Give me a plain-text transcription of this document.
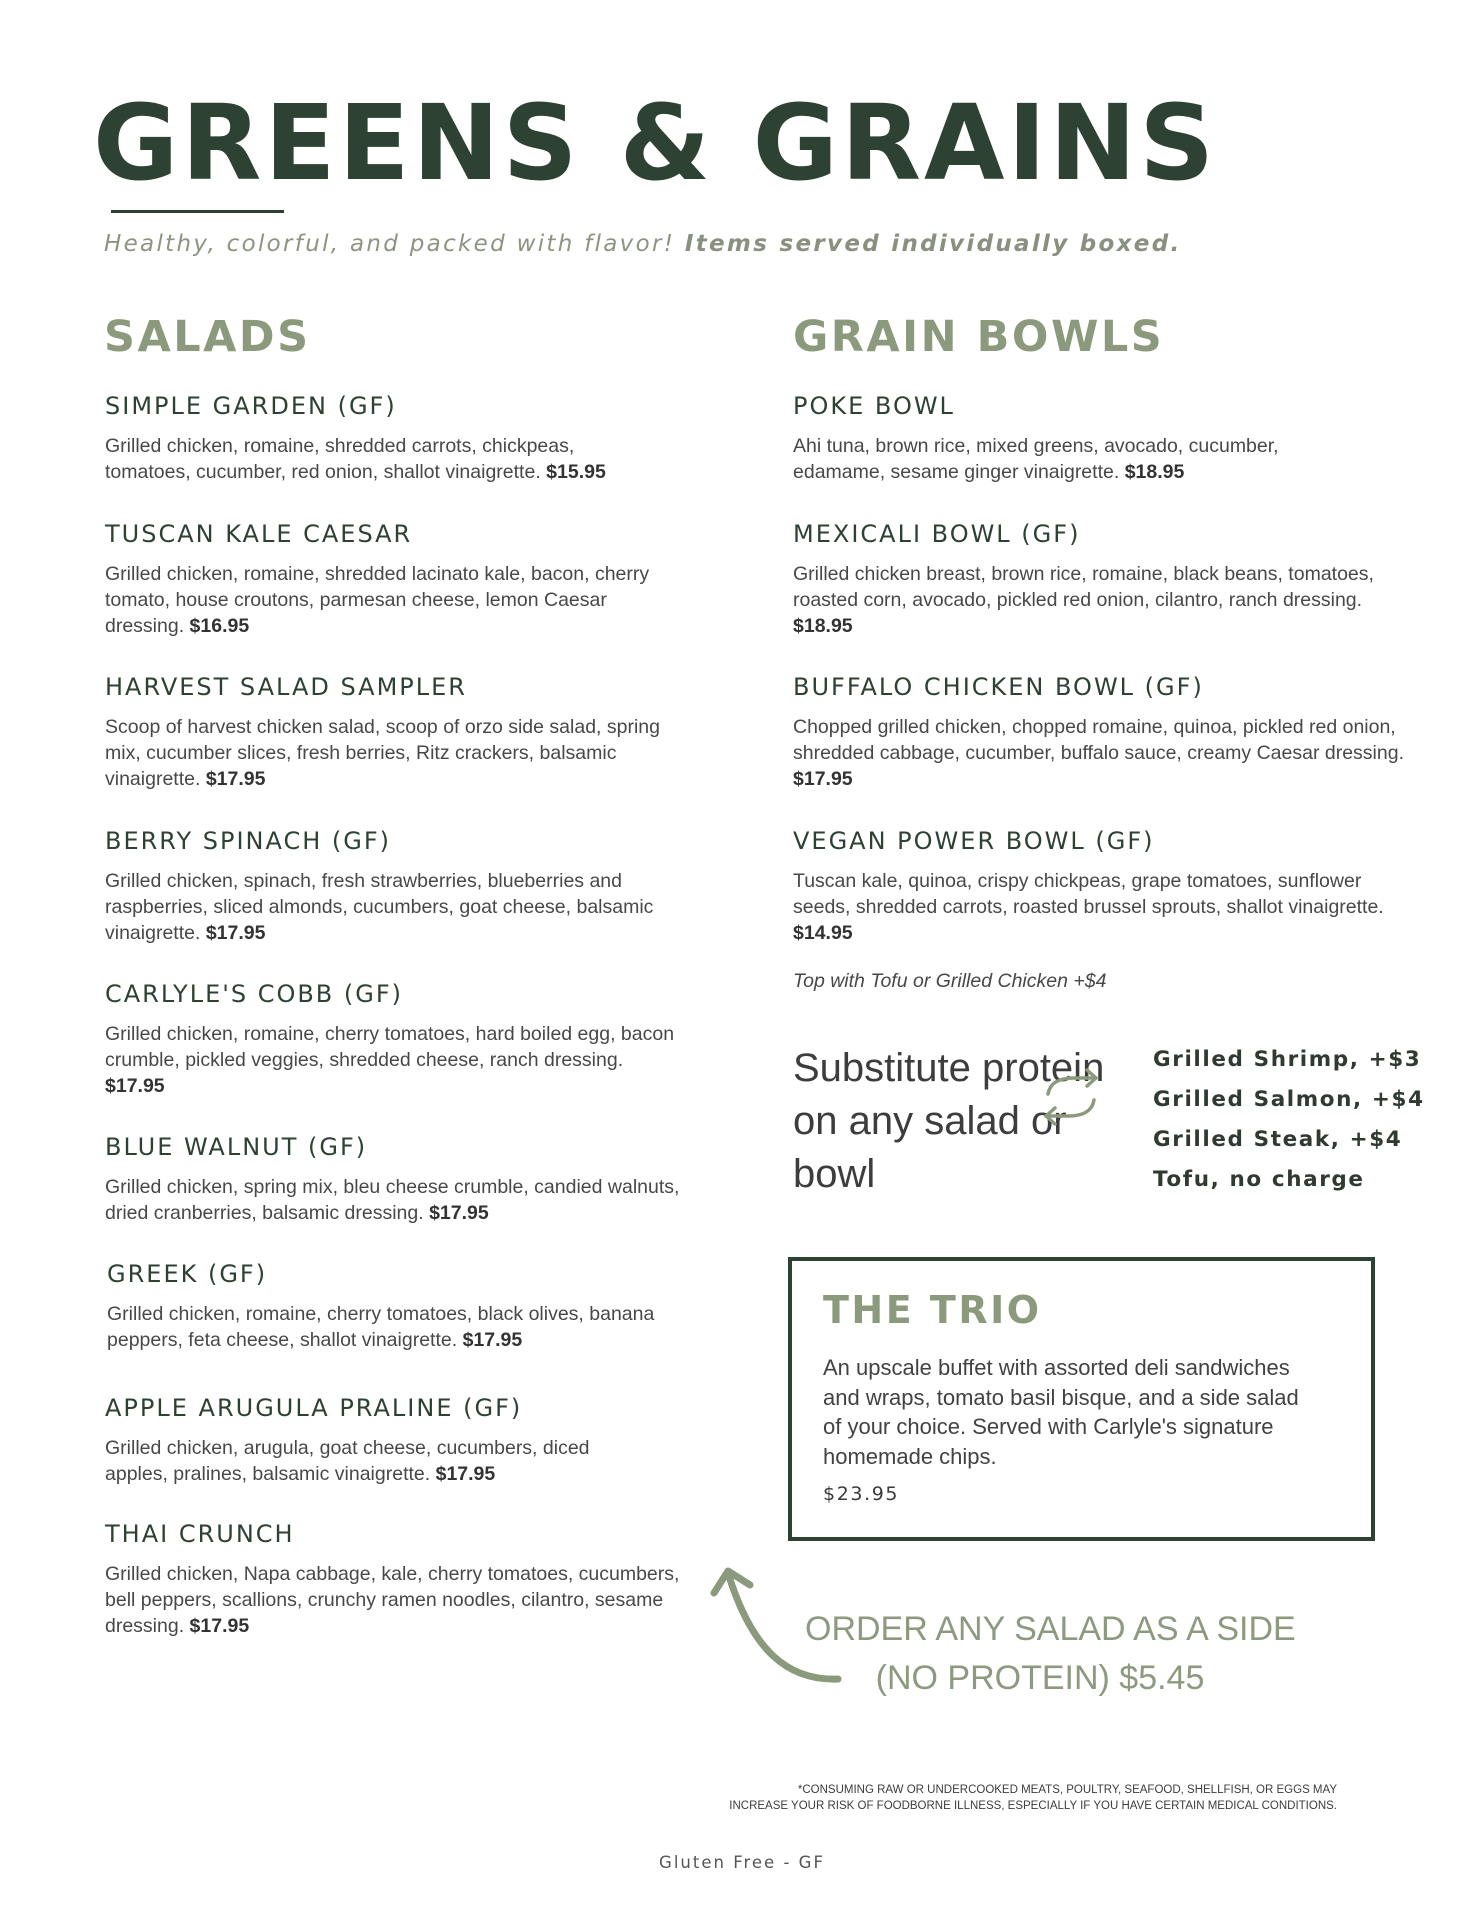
GREENS & GRAINS

Healthy, colorful, and packed with flavor! Items served individually boxed.

SALADS	GRAIN BOWLS
SIMPLE GARDEN (GF)

Grilled chicken, romaine, shredded carrots, chickpeas, tomatoes, cucumber, red onion, shallot vinaigrette. $15.95

TUSCAN KALE CAESAR

Grilled chicken, romaine, shredded lacinato kale, bacon, cherry tomato, house croutons, parmesan cheese, lemon Caesar dressing. $16.95

HARVEST SALAD SAMPLER

Scoop of harvest chicken salad, scoop of orzo side salad, spring mix, cucumber slices, fresh berries, Ritz crackers, balsamic vinaigrette. $17.95

BERRY SPINACH (GF)

Grilled chicken, spinach, fresh strawberries, blueberries and raspberries, sliced almonds, cucumbers, goat cheese, balsamic vinaigrette. $17.95

CARLYLE'S COBB (GF)

Grilled chicken, romaine, cherry tomatoes, hard boiled egg, bacon crumble, pickled veggies, shredded cheese, ranch dressing. $17.95

BLUE WALNUT (GF)

Grilled chicken, spring mix, bleu cheese crumble, candied walnuts, dried cranberries, balsamic dressing. $17.95

GREEK (GF)

Grilled chicken, romaine, cherry tomatoes, black olives, banana peppers, feta cheese, shallot vinaigrette. $17.95

APPLE ARUGULA PRALINE (GF)

Grilled chicken, arugula, goat cheese, cucumbers, diced apples, pralines, balsamic vinaigrette. $17.95

THAI CRUNCH

Grilled chicken, Napa cabbage, kale, cherry tomatoes, cucumbers, bell peppers, scallions, crunchy ramen noodles, cilantro, sesame dressing. $17.95

POKE BOWL

Ahi tuna, brown rice, mixed greens, avocado, cucumber, edamame, sesame ginger vinaigrette. $18.95

MEXICALI BOWL (GF)

Grilled chicken breast, brown rice, romaine, black beans, tomatoes, roasted corn, avocado, pickled red onion, cilantro, ranch dressing. $18.95

BUFFALO CHICKEN BOWL (GF)

Chopped grilled chicken, chopped romaine, quinoa, pickled red onion, shredded cabbage, cucumber, buffalo sauce, creamy Caesar dressing. $17.95

VEGAN POWER BOWL (GF)

Tuscan kale, quinoa, crispy chickpeas, grape tomatoes, sunflower seeds, shredded carrots, roasted brussel sprouts, shallot vinaigrette. $14.95

Top with Tofu or Grilled Chicken +$4

Substitute protein on any salad or bowl

Grilled Shrimp, +$3
Grilled Salmon, +$4
Grilled Steak, +$4
Tofu, no charge
THE TRIO

An upscale buffet with assorted deli sandwiches and wraps, tomato basil bisque, and a side salad of your choice. Served with Carlyle's signature homemade chips.

$23.95

ORDER ANY SALAD AS A SIDE
(NO PROTEIN) $5.45

*CONSUMING RAW OR UNDERCOOKED MEATS, POULTRY, SEAFOOD, SHELLFISH, OR EGGS MAY
INCREASE YOUR RISK OF FOODBORNE ILLNESS, ESPECIALLY IF YOU HAVE CERTAIN MEDICAL CONDITIONS.

Gluten Free - GF
